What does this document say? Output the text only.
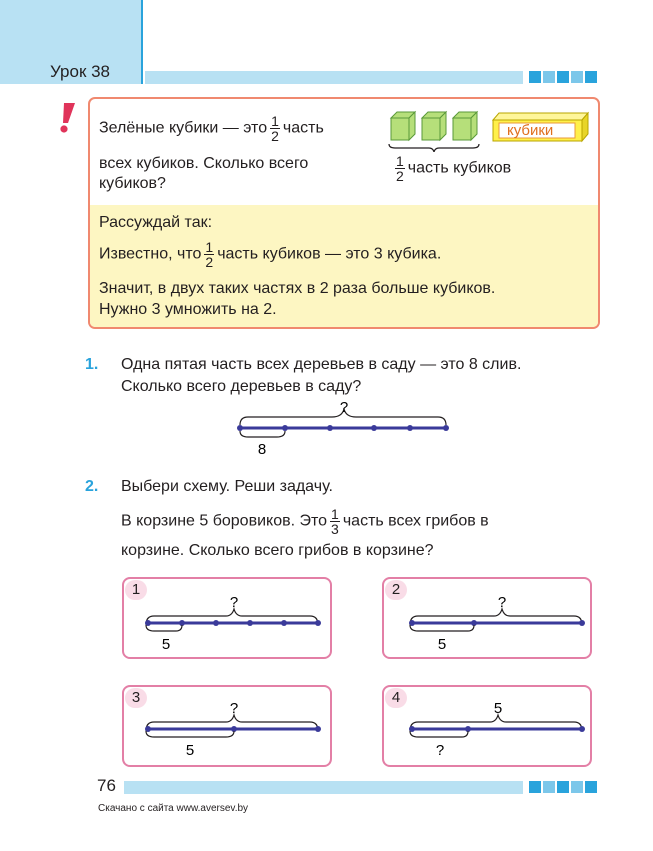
Урок 38
Зелёные кубики — это $\frac{1}{2}$ часть
всех кубиков. Сколько всего
кубиков?
кубики
$\frac{1}{2}$ часть кубиков
Рассуждай так:
Известно, что $\frac{1}{2}$ часть кубиков — это 3 кубика.
Значит, в двух таких частях в 2 раза больше кубиков.
Нужно 3 умножить на 2.
1. Одна пятая часть всех деревьев в саду — это 8 слив.
Сколько всего деревьев в саду?
?
8
2. Выбери схему. Реши задачу.
В корзине 5 боровиков. Это $\frac{1}{3}$ часть всех грибов в
корзине. Сколько всего грибов в корзине?
1
?
5
2
?
5
3
?
5
4
5
?
76
Скачано с сайта www.aversev.by
